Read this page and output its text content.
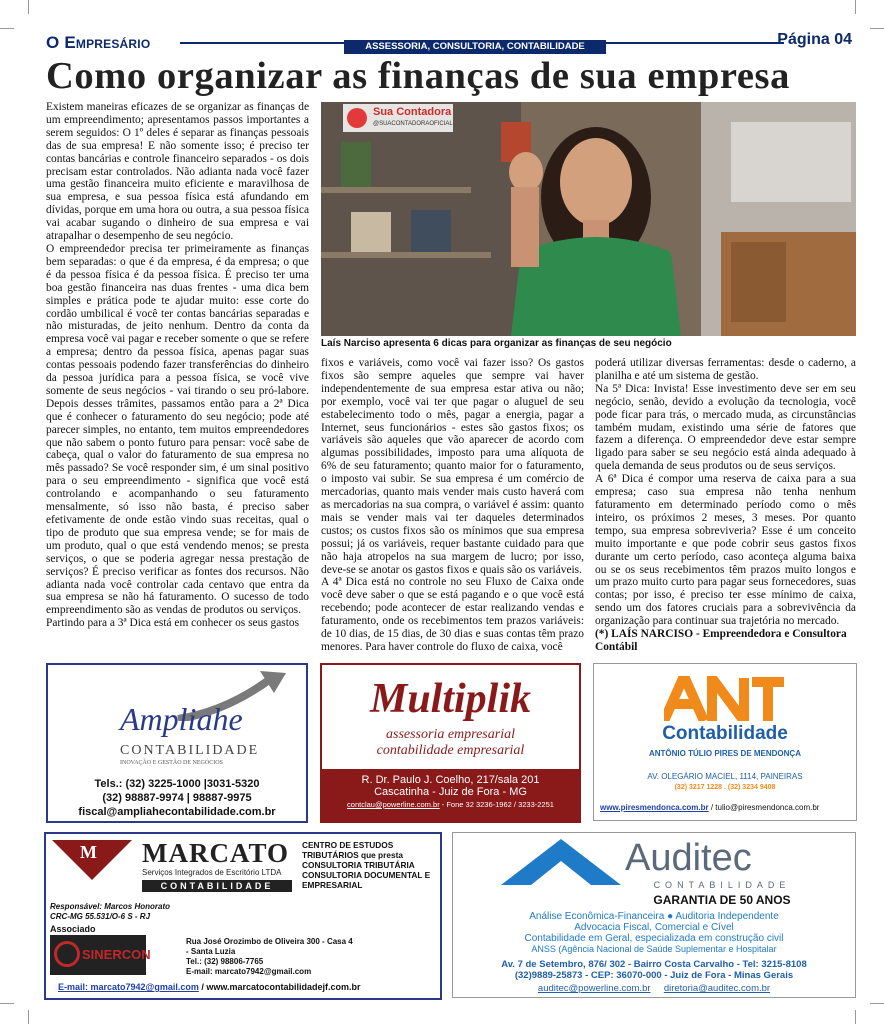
O Empresário	ASSESSORIA, CONSULTORIA, CONTABILIDADE	Página 04
Como organizar as finanças de sua empresa

Existem maneiras eficazes de se organizar as finanças de um empreendimento; apresentamos passos importantes a serem seguidos: O 1º deles é separar as finanças pessoais das de sua empresa! E não somente isso; é preciso ter contas bancárias e controle financeiro separados - os dois precisam estar controlados. Não adianta nada você fazer uma gestão financeira muito eficiente e maravilhosa de sua empresa, e sua pessoa física está afundando em dívidas, porque em uma hora ou outra, a sua pessoa física vai acabar sugando o dinheiro de sua empresa e vai atrapalhar o desempenho de seu negócio.

O empreendedor precisa ter primeiramente as finanças bem separadas: o que é da empresa, é da empresa; o que é da pessoa física é da pessoa física. É preciso ter uma boa gestão financeira nas duas frentes - uma dica bem simples e prática pode te ajudar muito: esse corte do cordão umbilical é você ter contas bancárias separadas e não misturadas, de jeito nenhum. Dentro da conta da empresa você vai pagar e receber somente o que se refere a empresa; dentro da pessoa física, apenas pagar suas contas pessoais podendo fazer transferências do dinheiro da pessoa jurídica para a pessoa física, se você vive somente de seus negócios - vai tirando o seu pró-labore. Depois desses trâmites, passamos então para a 2ª Dica que é conhecer o faturamento do seu negócio; pode até parecer simples, no entanto, tem muitos empreendedores que não sabem o ponto futuro para pensar: você sabe de cabeça, qual o valor do faturamento de sua empresa no mês passado? Se você responder sim, é um sinal positivo para o seu empreendimento - significa que você está controlando e acompanhando o seu faturamento mensalmente, só isso não basta, é preciso saber efetivamente de onde estão vindo suas receitas, qual o tipo de produto que sua empresa vende; se for mais de um produto, qual o que está vendendo menos; se presta serviços, o que se poderia agregar nessa prestação de serviços? É preciso verificar as fontes dos recursos. Não adianta nada você controlar cada centavo que entra da sua empresa se não há faturamento. O sucesso de todo empreendimento são as vendas de produtos ou serviços.

Partindo para a 3ª Dica está em conhecer os seus gastos

Sua Contadora
@SUACONTADORAOFICIAL
Laís Narciso apresenta 6 dicas para organizar as finanças de seu negócio

fixos e variáveis, como você vai fazer isso? Os gastos fixos são sempre aqueles que sempre vai haver independentemente de sua empresa estar ativa ou não; por exemplo, você vai ter que pagar o aluguel de seu estabelecimento todo o mês, pagar a energia, pagar a Internet, seus funcionários - estes são gastos fixos; os variáveis são aqueles que vão aparecer de acordo com algumas possibilidades, imposto para uma alíquota de 6% de seu faturamento; quanto maior for o faturamento, o imposto vai subir. Se sua empresa é um comércio de mercadorias, quanto mais vender mais custo haverá com as mercadorias na sua compra, o variável é assim: quanto mais se vender mais vai ter daqueles determinados custos; os custos fixos são os mínimos que sua empresa possui; já os variáveis, requer bastante cuidado para que não haja atropelos na sua margem de lucro; por isso, deve-se se anotar os gastos fixos e quais são os variáveis.

A 4ª Dica está no controle no seu Fluxo de Caixa onde você deve saber o que se está pagando e o que você está recebendo; pode acontecer de estar realizando vendas e faturamento, onde os recebimentos tem prazos variáveis: de 10 dias, de 15 dias, de 30 dias e suas contas têm prazo menores. Para haver controle do fluxo de caixa, você

poderá utilizar diversas ferramentas: desde o caderno, a planilha e até um sistema de gestão.

Na 5ª Dica: Invista! Esse investimento deve ser em seu negócio, senão, devido a evolução da tecnologia, você pode ficar para trás, o mercado muda, as circunstâncias também mudam, existindo uma série de fatores que fazem a diferença. O empreendedor deve estar sempre ligado para saber se seu negócio está ainda adequado à quela demanda de seus produtos ou de seus serviços.

A 6ª Dica é compor uma reserva de caixa para a sua empresa; caso sua empresa não tenha nenhum faturamento em determinado período como o mês inteiro, os próximos 2 meses, 3 meses. Por quanto tempo, sua empresa sobreviveria? Esse é um conceito muito importante e que pode cobrir seus gastos fixos durante um certo período, caso aconteça alguma baixa ou se os seus recebimentos têm prazos muito longos e um prazo muito curto para pagar seus fornecedores, suas contas; por isso, é preciso ter esse mínimo de caixa, sendo um dos fatores cruciais para a sobrevivência da organização para continuar sua trajetória no mercado.

(*) LAÍS NARCISO - Empreendedora e Consultora Contábil

Ampliahe
CONTABILIDADE
INOVAÇÃO E GESTÃO DE NEGÓCIOS
Tels.: (32) 3225-1000 |3031-5320
(32) 98887-9974 | 98887-9975
fiscal@ampliahecontabilidade.com.br
Multiplik
assessoria empresarial
contabilidade empresarial
R. Dr. Paulo J. Coelho, 217/sala 201
Cascatinha - Juiz de Fora - MG
contclau@powerline.com.br - Fone 32 3236-1962 / 3233-2251
Contabilidade
ANTÔNIO TÚLIO PIRES DE MENDONÇA
AV. OLEGÁRIO MACIEL, 1114, PAINEIRAS
(32) 3217 1228 . (32) 3234 9408
www.piresmendonca.com.br / tulio@piresmendonca.com.br
M MARCATO
Serviços Integrados de Escritório LTDA
CONTABILIDADE
CENTRO DE ESTUDOS TRIBUTÁRIOS que presta CONSULTORIA TRIBUTÁRIA CONSULTORIA DOCUMENTAL E EMPRESARIAL
Responsável: Marcos Honorato
CRC-MG 55.531/O-6 S - RJ
Associado
SINERCON
Rua José Orozimbo de Oliveira 300 - Casa 4
- Santa Luzia
Tel.: (32) 98806-7765
E-mail: marcato7942@gmail.com
E-mail: marcato7942@gmail.com / www.marcatocontabilidadejf.com.br
Auditec
CONTABILIDADE
GARANTIA DE 50 ANOS
Análise Econômica-Financeira ● Auditoria Independente
Advocacia Fiscal, Comercial e Cível
Contabilidade em Geral, especializada em construção civil
ANSS (Agência Nacional de Saúde Suplementar e Hospitalar
Av. 7 de Setembro, 876/ 302 - Bairro Costa Carvalho - Tel: 3215-8108
(32)9889-25873 - CEP: 36070-000 - Juiz de Fora - Minas Gerais
auditec@powerline.com.br diretoria@auditec.com.br
